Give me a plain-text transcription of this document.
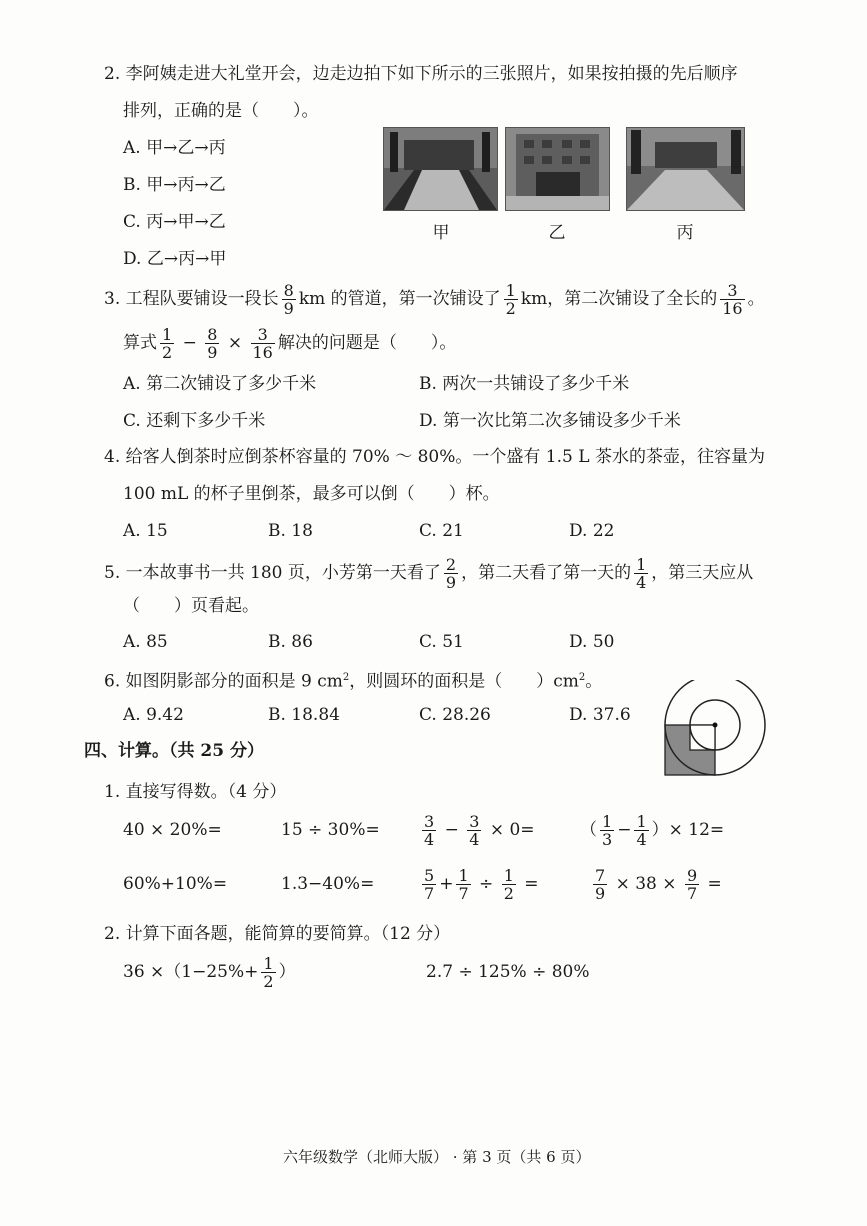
2. 李阿姨走进大礼堂开会，边走边拍下如下所示的三张照片，如果按拍摄的先后顺序
排列，正确的是（　　）。
A. 甲→乙→丙
B. 甲→丙→乙
C. 丙→甲→乙
D. 乙→丙→甲
甲	乙	丙
3. 工程队要铺设一段长 $\frac{8}{9}$ km 的管道，第一次铺设了 $\frac{1}{2}$ km，第二次铺设了全长的 $\frac{3}{16}$ 。
算式 $\frac{1}{2} - \frac{8}{9} \times \frac{3}{16}$ 解决的问题是（　　）。
A. 第二次铺设了多少千米	B. 两次一共铺设了多少千米
C. 还剩下多少千米	D. 第一次比第二次多铺设多少千米
4. 给客人倒茶时应倒茶杯容量的 70% ～ 80%。一个盛有 1.5 L 茶水的茶壶，往容量为
100 mL 的杯子里倒茶，最多可以倒（　　）杯。
A. 15	B. 18	C. 21	D. 22
5. 一本故事书一共 180 页，小芳第一天看了 $\frac{2}{9}$ ，第二天看了第一天的 $\frac{1}{4}$ ，第三天应从
（　　）页看起。
A. 85	B. 86	C. 51	D. 50
6. 如图阴影部分的面积是 9 $cm^2$，则圆环的面积是（　　）$cm^2$。
A. 9.42	B. 18.84	C. 28.26	D. 37.6
四、计算。（共 25 分）
1. 直接写得数。（4 分）
40 × 20%=	15 ÷ 30%=	$\frac{3}{4} - \frac{3}{4} \times 0=$	（ $\frac{1}{3} - \frac{1}{4}$ ）× 12=
60%+10%=	1.3−40%=	$\frac{5}{7} + \frac{1}{7} \div \frac{1}{2}$ =	$\frac{7}{9} \times 38 \times \frac{9}{7}$ =
2. 计算下面各题，能简算的要简算。（12 分）
$36 \times(1-25\%+ \frac{1}{2}$ ）	2.7 ÷ 125% ÷ 80%
六年级数学（北师大版） · 第 3 页（共 6 页）
